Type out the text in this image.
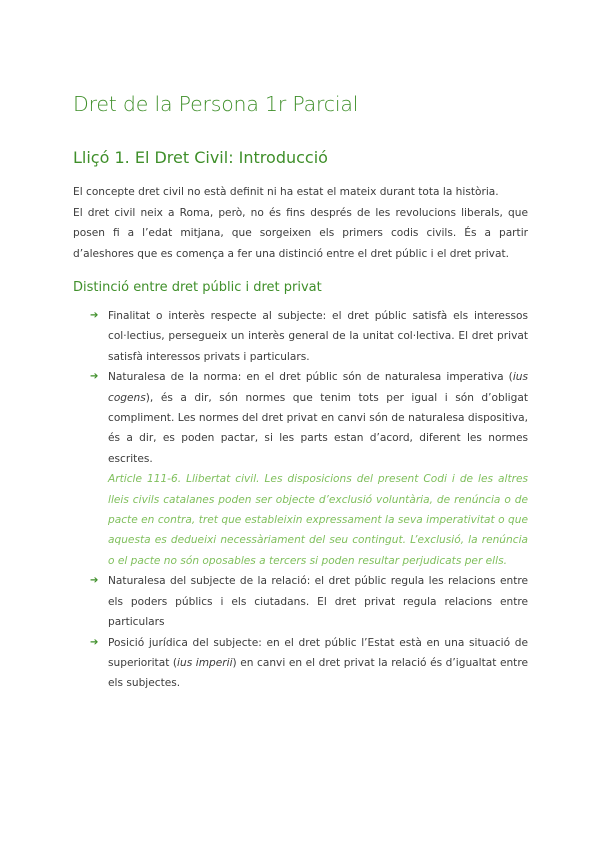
Dret de la Persona 1r Parcial
Lliçó 1. El Dret Civil: Introducció

El concepte dret civil no està definit ni ha estat el mateix durant tota la història.

El dret civil neix a Roma, però, no és fins després de les revolucions liberals, que posen fi a l’edat mitjana, que sorgeixen els primers codis civils. És a partir d’aleshores que es comença a fer una distinció entre el dret públic i el dret privat.

Distinció entre dret públic i dret privat
➔ Finalitat o interès respecte al subjecte: el dret públic satisfà els interessos col·lectius, persegueix un interès general de la unitat col·lectiva. El dret privat satisfà interessos privats i particulars.
➔ Naturalesa de la norma: en el dret públic són de naturalesa imperativa (ius cogens), és a dir, són normes que tenim tots per igual i són d’obligat compliment. Les normes del dret privat en canvi són de naturalesa dispositiva, és a dir, es poden pactar, si les parts estan d’acord, diferent les normes escrites.
Article 111-6. Llibertat civil. Les disposicions del present Codi i de les altres lleis civils catalanes poden ser objecte d’exclusió voluntària, de renúncia o de pacte en contra, tret que estableixin expressament la seva imperativitat o que aquesta es dedueixi necessàriament del seu contingut. L’exclusió, la renúncia o el pacte no són oposables a tercers si poden resultar perjudicats per ells.
➔ Naturalesa del subjecte de la relació: el dret públic regula les relacions entre els poders públics i els ciutadans. El dret privat regula relacions entre particulars
➔ Posició jurídica del subjecte: en el dret públic l’Estat està en una situació de superioritat (ius imperii) en canvi en el dret privat la relació és d’igualtat entre els subjectes.
